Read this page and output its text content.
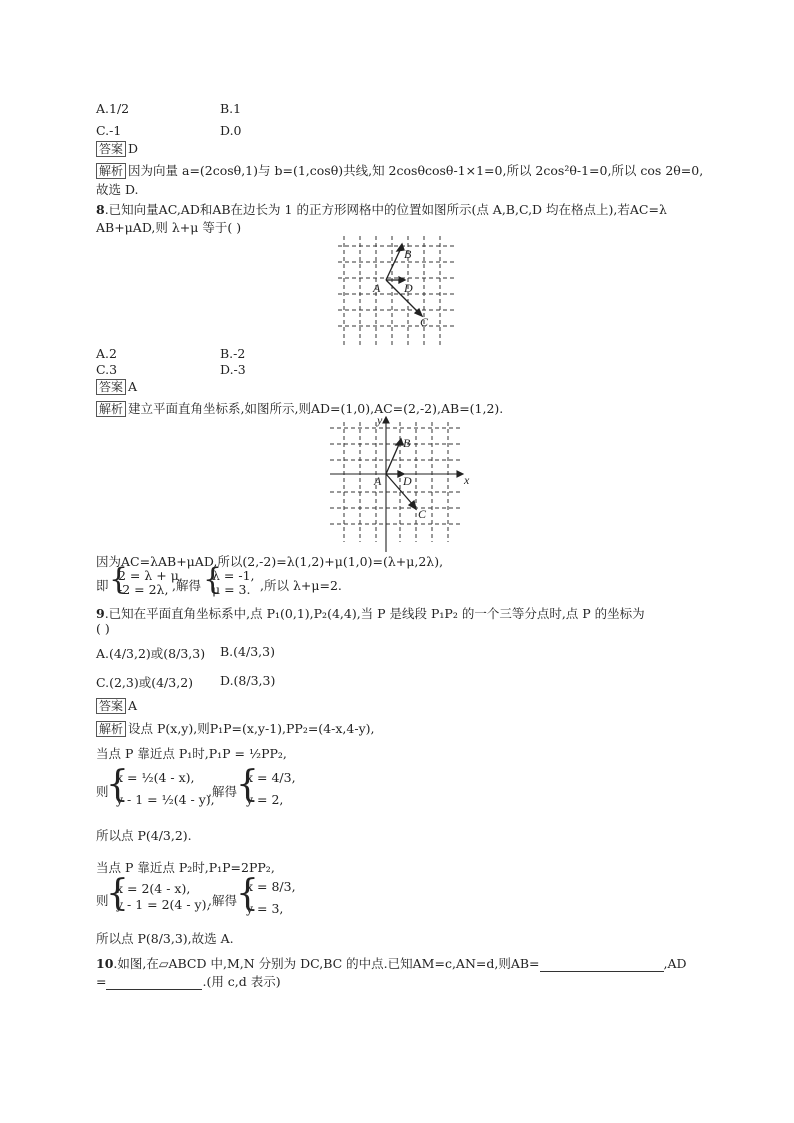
A.1/2	B.1
C.-1	D.0
答案 D
解析 因为向量 a=(2cosθ,1)与 b=(1,cosθ)共线,知 2cosθcosθ-1×1=0,所以 2cos²θ-1=0,所以 cos 2θ=0,
故选 D.
8.已知向量AC,AD和AB在边长为 1 的正方形网格中的位置如图所示(点 A,B,C,D 均在格点上),若AC=λ
AB+μAD,则 λ+μ 等于( )
A
B
D
C
A.2	B.-2
C.3	D.-3
答案 A
解析 建立平面直角坐标系,如图所示,则AD=(1,0),AC=(2,-2),AB=(1,2).
x
y
A
B
D
C
因为AC=λAB+μAD,所以(2,-2)=λ(1,2)+μ(1,0)=(λ+μ,2λ),
即 {
2 = λ + μ,
-2 = 2λ, ,解得 {
λ = -1,
μ = 3. ,所以 λ+μ=2.
9.已知在平面直角坐标系中,点 P₁(0,1),P₂(4,4),当 P 是线段 P₁P₂ 的一个三等分点时,点 P 的坐标为
( )
A.(4/3,2)或(8/3,3) B.(4/3,3)
C.(2,3)或(4/3,2) D.(8/3,3)
答案 A
解析 设点 P(x,y),则P₁P=(x,y-1),PP₂=(4-x,4-y),
当点 P 靠近点 P₁时,P₁P = ½PP₂,
则
{
x = ½(4 - x),
y - 1 = ½(4 - y),
,解得 {
x = 4/3,
y = 2,
所以点 P(4/3,2).
当点 P 靠近点 P₂时,P₁P=2PP₂,
则
{
x = 2(4 - x),
y - 1 = 2(4 - y),
,解得 {
x = 8/3,
y = 3,
所以点 P(8/3,3),故选 A.
10.如图,在▱ABCD 中,M,N 分别为 DC,BC 的中点.已知AM=c,AN=d,则AB=	,AD
=	.(用 c,d 表示)
